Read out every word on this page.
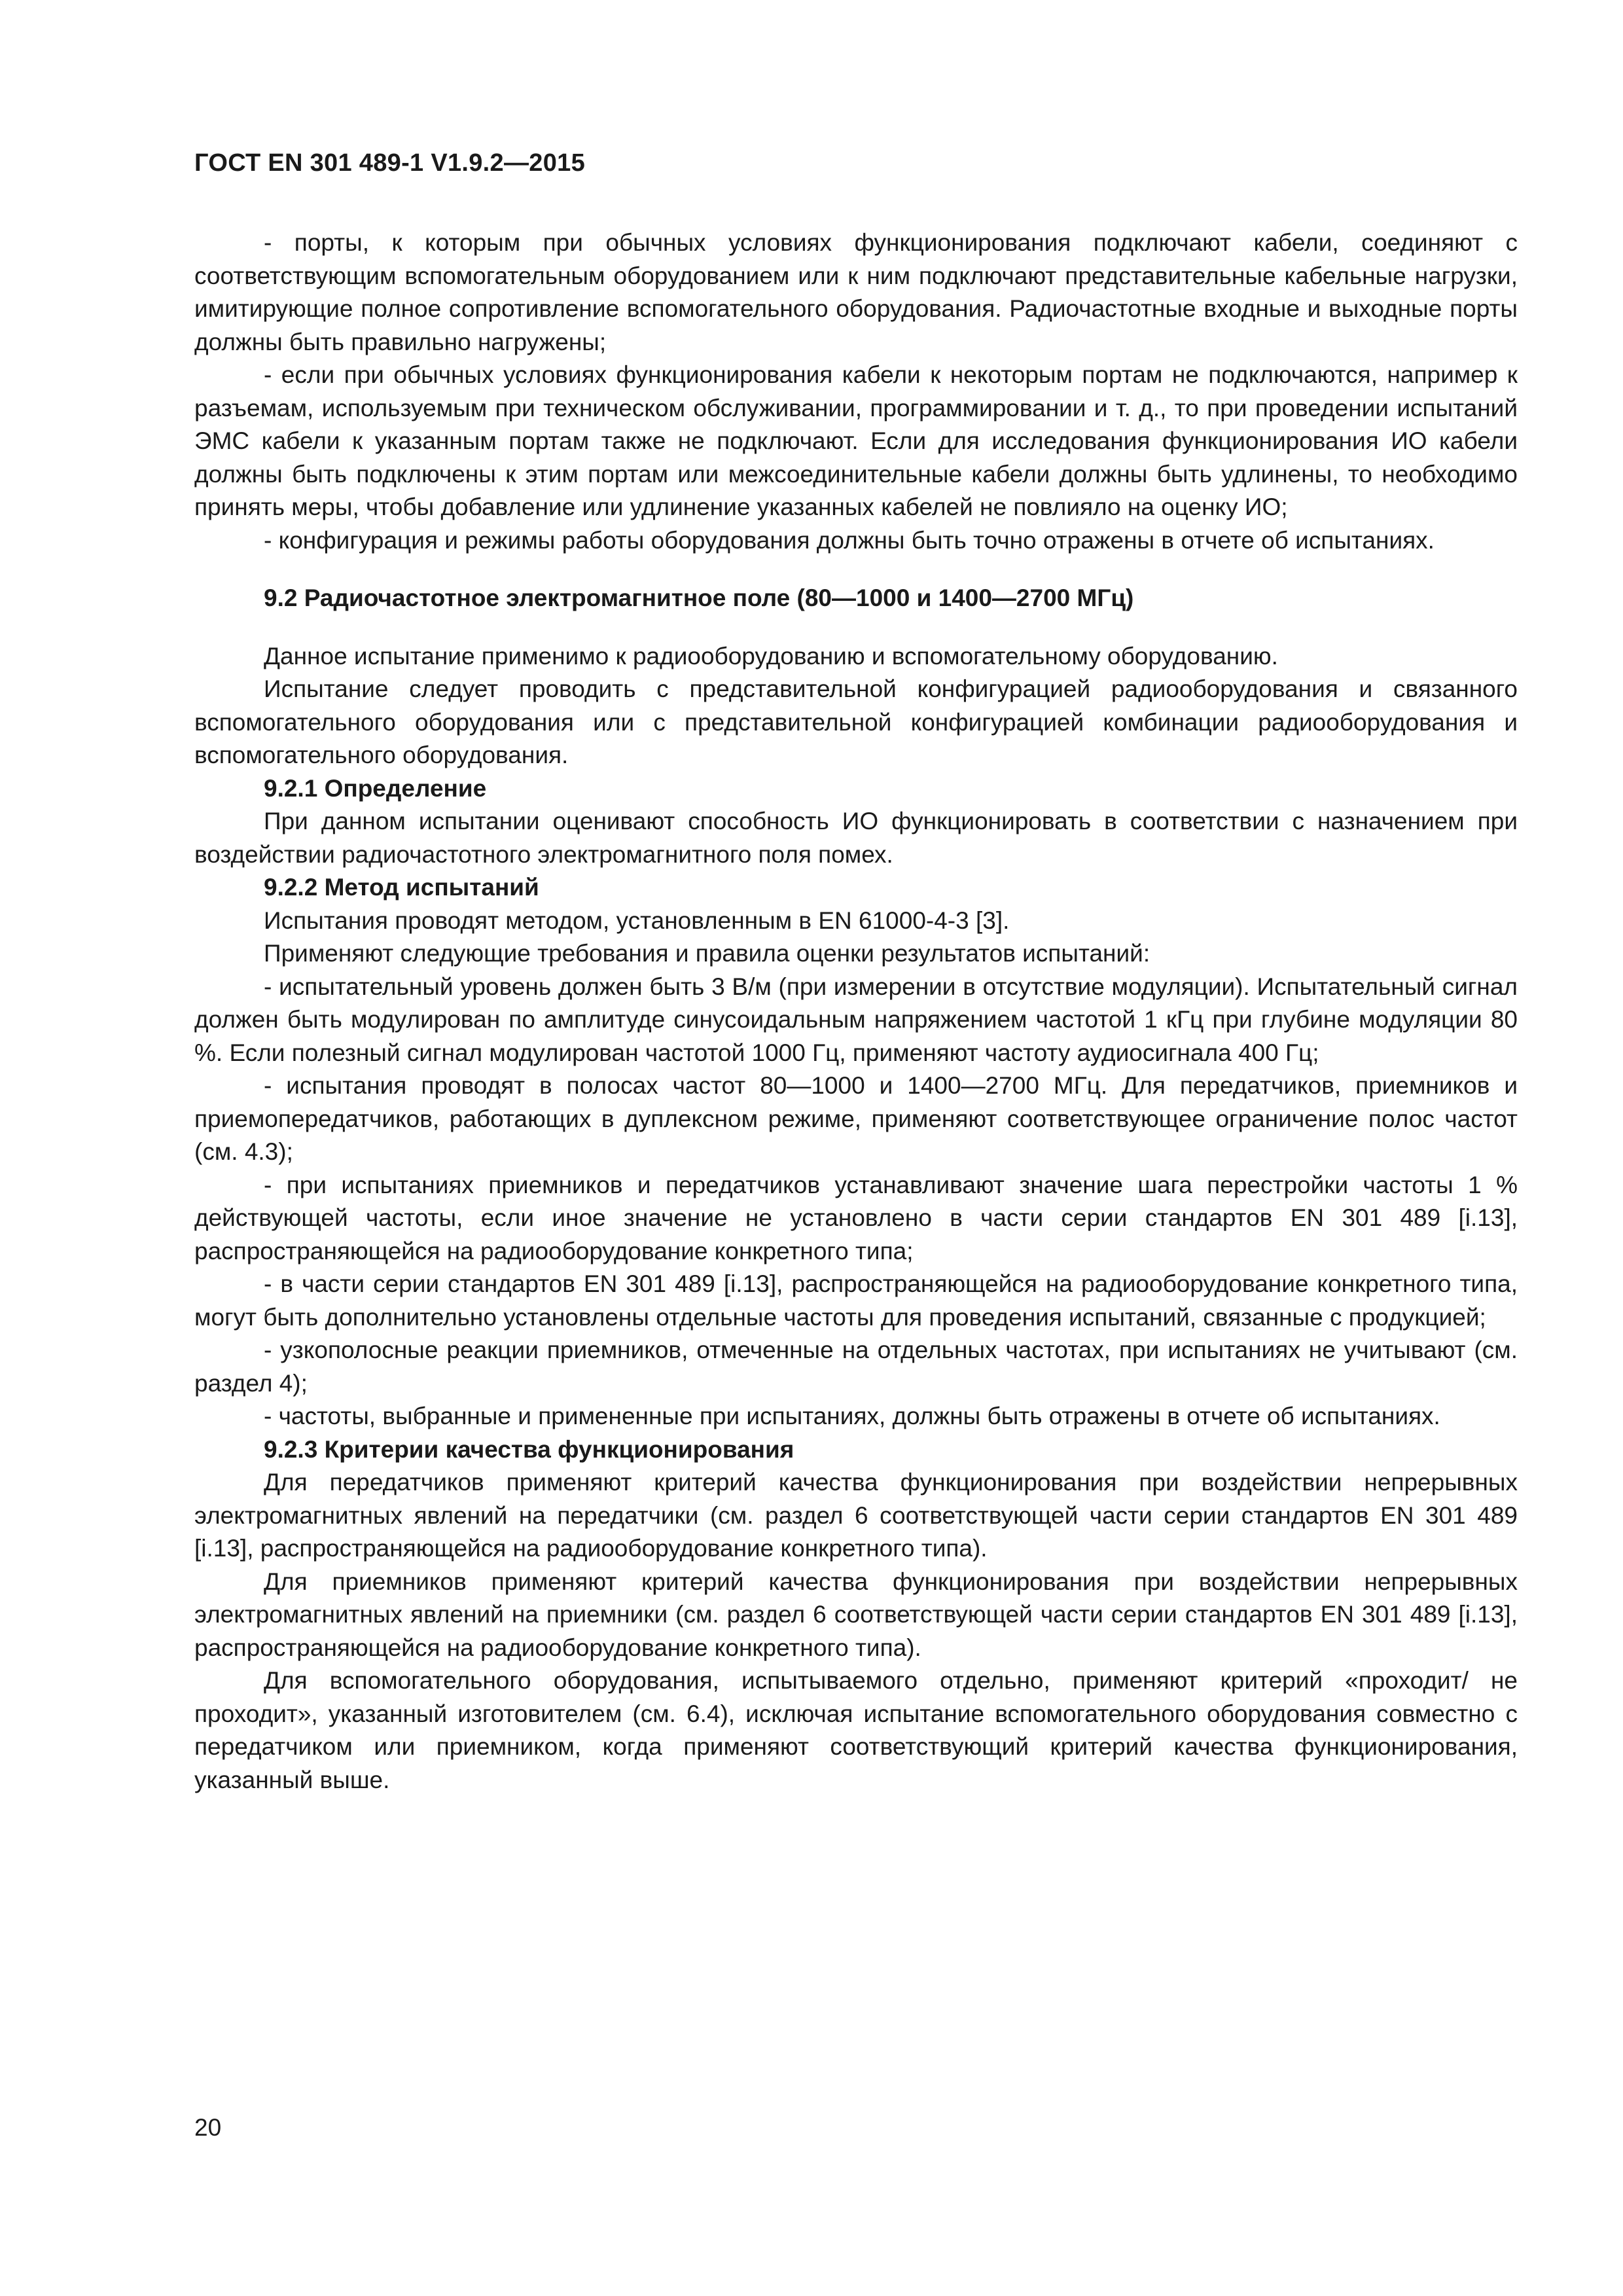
ГОСТ EN 301 489-1 V1.9.2—2015

- порты, к которым при обычных условиях функционирования подключают кабели, соединяют с соответствующим вспомогательным оборудованием или к ним подключают представительные кабельные нагрузки, имитирующие полное сопротивление вспомогательного оборудования. Радиочастотные входные и выходные порты должны быть правильно нагружены;

- если при обычных условиях функционирования кабели к некоторым портам не подключаются, например к разъемам, используемым при техническом обслуживании, программировании и т. д., то при проведении испытаний ЭМС кабели к указанным портам также не подключают. Если для исследования функционирования ИО кабели должны быть подключены к этим портам или межсоединительные кабели должны быть удлинены, то необходимо принять меры, чтобы добавление или удлинение указанных кабелей не повлияло на оценку ИО;

- конфигурация и режимы работы оборудования должны быть точно отражены в отчете об испытаниях.

9.2 Радиочастотное электромагнитное поле (80—1000 и 1400—2700 МГц)

Данное испытание применимо к радиооборудованию и вспомогательному оборудованию.

Испытание следует проводить с представительной конфигурацией радиооборудования и связанного вспомогательного оборудования или с представительной конфигурацией комбинации радиооборудования и вспомогательного оборудования.

9.2.1 Определение

При данном испытании оценивают способность ИО функционировать в соответствии с назначением при воздействии радиочастотного электромагнитного поля помех.

9.2.2 Метод испытаний

Испытания проводят методом, установленным в EN 61000-4-3 [3].

Применяют следующие требования и правила оценки результатов испытаний:

- испытательный уровень должен быть 3 В/м (при измерении в отсутствие модуляции). Испытательный сигнал должен быть модулирован по амплитуде синусоидальным напряжением частотой 1 кГц при глубине модуляции 80 %. Если полезный сигнал модулирован частотой 1000 Гц, применяют частоту аудиосигнала 400 Гц;

- испытания проводят в полосах частот 80—1000 и 1400—2700 МГц. Для передатчиков, приемников и приемопередатчиков, работающих в дуплексном режиме, применяют соответствующее ограничение полос частот (см. 4.3);

- при испытаниях приемников и передатчиков устанавливают значение шага перестройки частоты 1 % действующей частоты, если иное значение не установлено в части серии стандартов EN 301 489 [i.13], распространяющейся на радиооборудование конкретного типа;

- в части серии стандартов EN 301 489 [i.13], распространяющейся на радиооборудование конкретного типа, могут быть дополнительно установлены отдельные частоты для проведения испытаний, связанные с продукцией;

- узкополосные реакции приемников, отмеченные на отдельных частотах, при испытаниях не учитывают (см. раздел 4);

- частоты, выбранные и примененные при испытаниях, должны быть отражены в отчете об испытаниях.

9.2.3 Критерии качества функционирования

Для передатчиков применяют критерий качества функционирования при воздействии непрерывных электромагнитных явлений на передатчики (см. раздел 6 соответствующей части серии стандартов EN 301 489 [i.13], распространяющейся на радиооборудование конкретного типа).

Для приемников применяют критерий качества функционирования при воздействии непрерывных электромагнитных явлений на приемники (см. раздел 6 соответствующей части серии стандартов EN 301 489 [i.13], распространяющейся на радиооборудование конкретного типа).

Для вспомогательного оборудования, испытываемого отдельно, применяют критерий «проходит/ не проходит», указанный изготовителем (см. 6.4), исключая испытание вспомогательного оборудования совместно с передатчиком или приемником, когда применяют соответствующий критерий качества функционирования, указанный выше.

20
